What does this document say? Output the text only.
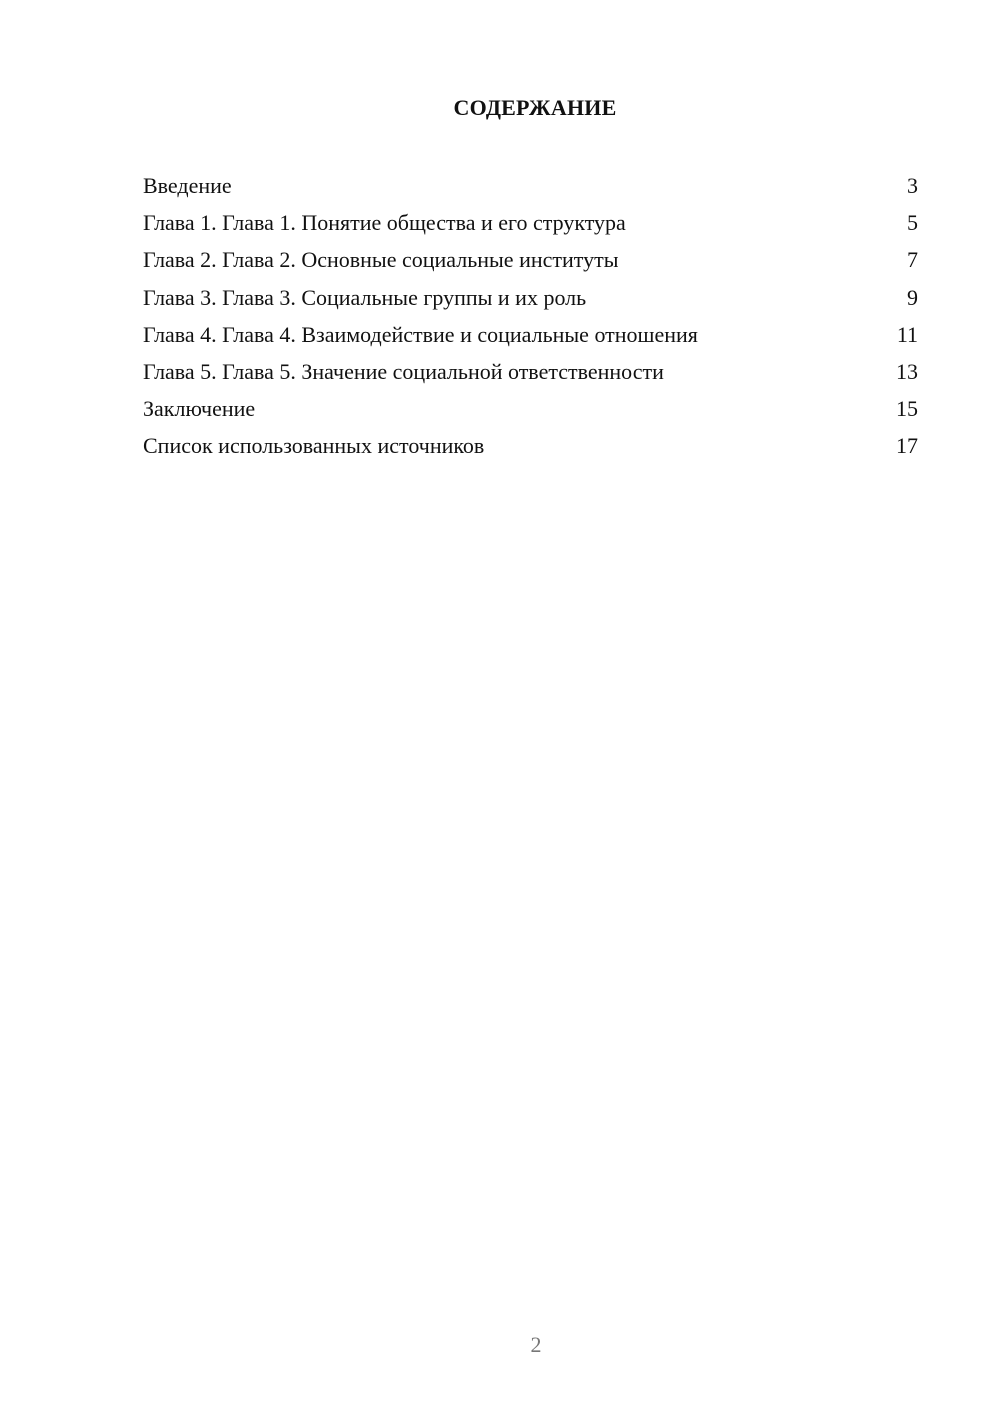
СОДЕРЖАНИЕ
Введение	3
Глава 1. Глава 1. Понятие общества и его структура	5
Глава 2. Глава 2. Основные социальные институты	7
Глава 3. Глава 3. Социальные группы и их роль	9
Глава 4. Глава 4. Взаимодействие и социальные отношения	11
Глава 5. Глава 5. Значение социальной ответственности	13
Заключение	15
Список использованных источников	17
2
